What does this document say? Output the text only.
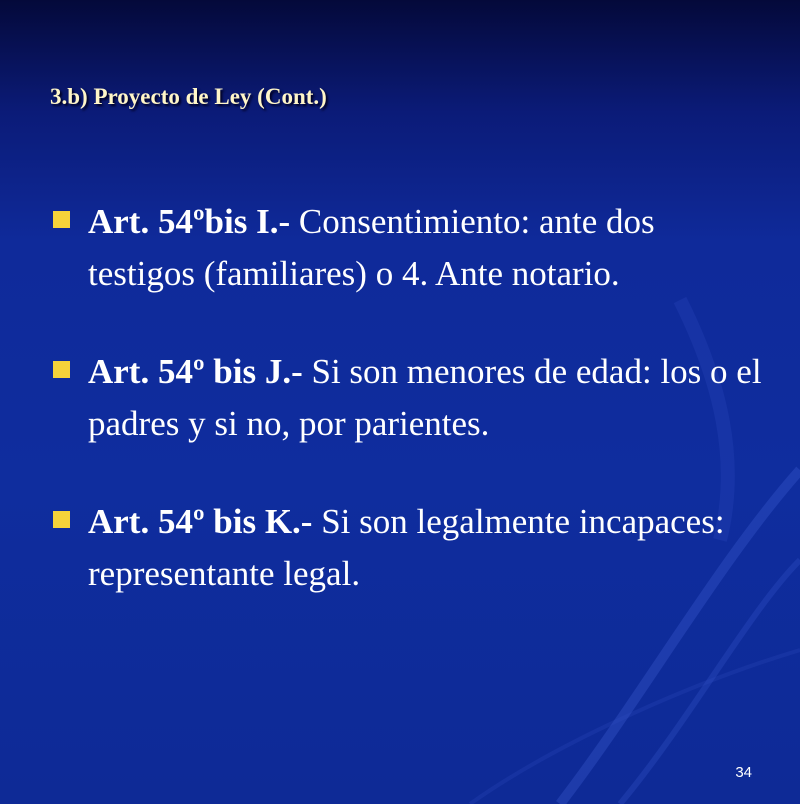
3.b) Proyecto de Ley (Cont.)
Art. 54ºbis I.- Consentimiento: ante dos testigos (familiares) o 4. Ante notario.
Art. 54º bis J.- Si son menores de edad: los o el padres y si no, por parientes.
Art. 54º bis K.- Si son legalmente incapaces: representante legal.
34
